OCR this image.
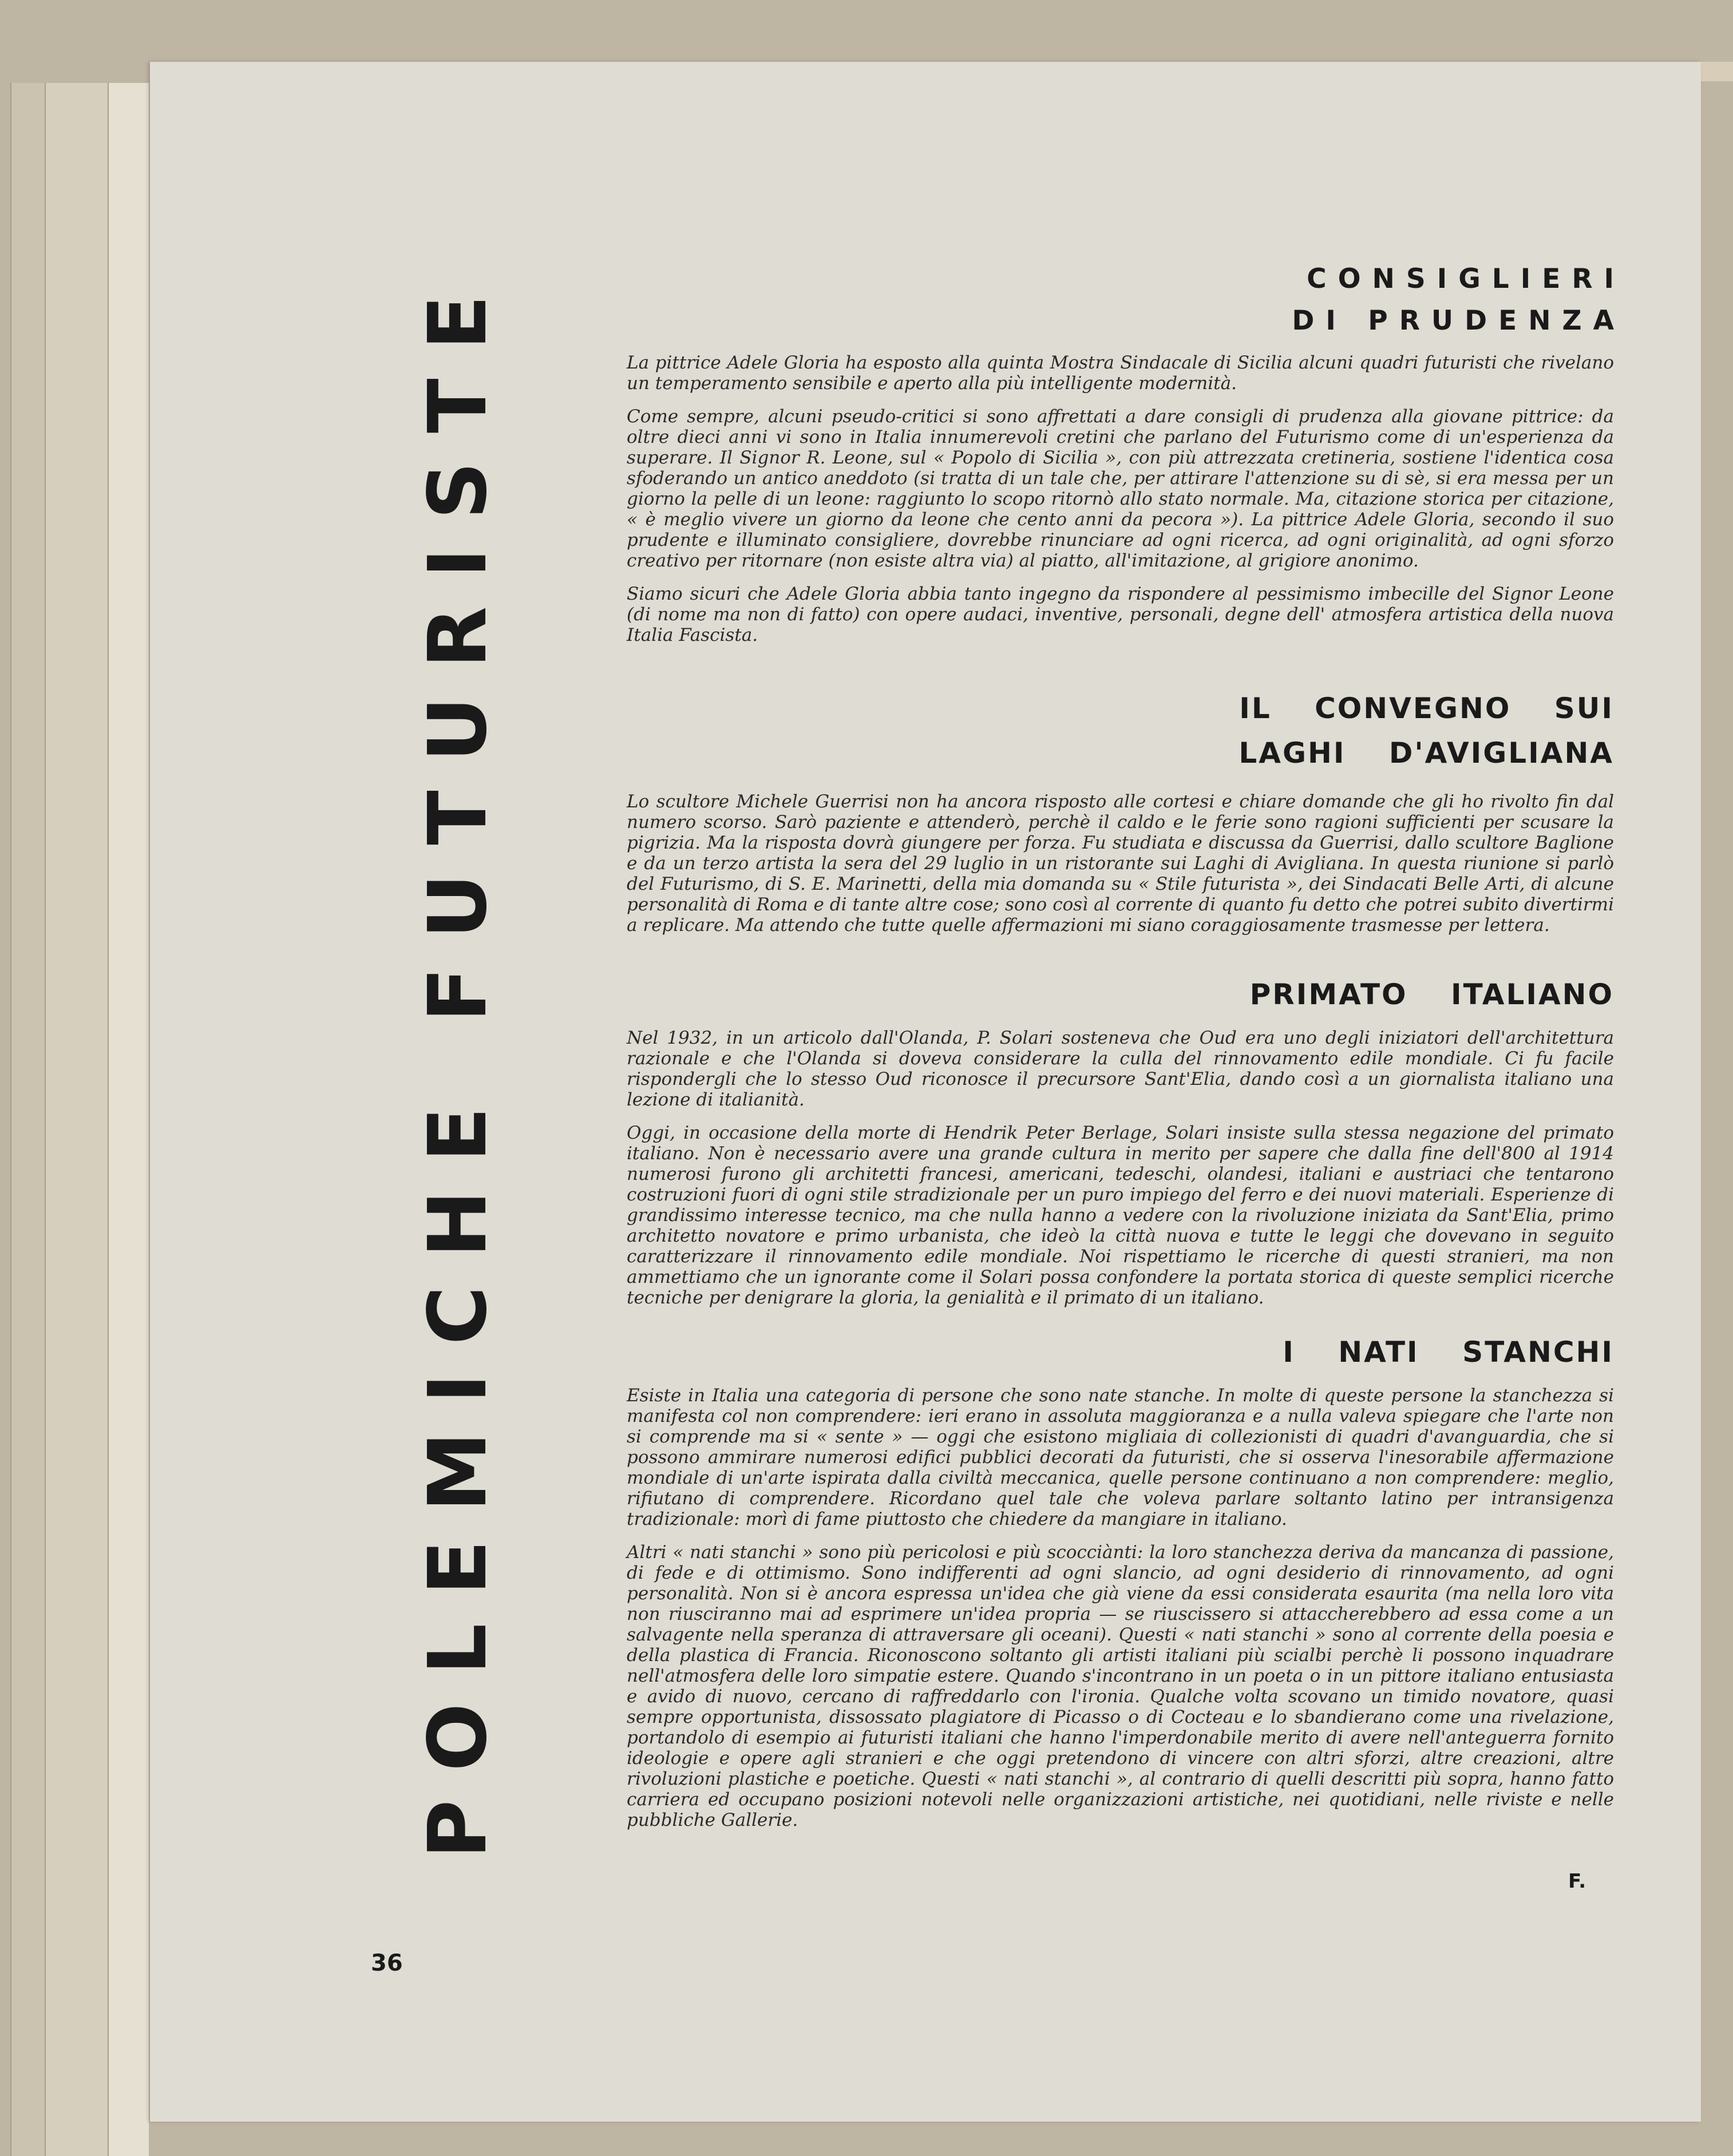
POLEMICHE FUTURISTE
36
CONSIGLIERI
DI PRUDENZA

La pittrice Adele Gloria ha esposto alla quinta Mostra Sindacale di Sicilia alcuni quadri futuristi che rivelano un temperamento sensibile e aperto alla più intelligente modernità.

Come sempre, alcuni pseudo-critici si sono affrettati a dare consigli di prudenza alla giovane pittrice: da oltre dieci anni vi sono in Italia innumerevoli cretini che parlano del Futurismo come di un'esperienza da superare. Il Signor R. Leone, sul « Popolo di Sicilia », con più attrezzata cretineria, sostiene l'identica cosa sfoderando un antico aneddoto (si tratta di un tale che, per attirare l'attenzione su di sè, si era messa per un giorno la pelle di un leone: raggiunto lo scopo ritornò allo stato normale. Ma, citazione storica per citazione, « è meglio vivere un giorno da leone che cento anni da pecora »). La pittrice Adele Gloria, secondo il suo prudente e illuminato consigliere, dovrebbe rinunciare ad ogni ricerca, ad ogni originalità, ad ogni sforzo creativo per ritornare (non esiste altra via) al piatto, all'imitazione, al grigiore anonimo.

Siamo sicuri che Adele Gloria abbia tanto ingegno da rispondere al pessimismo imbecille del Signor Leone (di nome ma non di fatto) con opere audaci, inventive, personali, degne dell' atmosfera artistica della nuova Italia Fascista.

IL CONVEGNO SUI
LAGHI D'AVIGLIANA

Lo scultore Michele Guerrisi non ha ancora risposto alle cortesi e chiare domande che gli ho rivolto fin dal numero scorso. Sarò paziente e attenderò, perchè il caldo e le ferie sono ragioni sufficienti per scusare la pigrizia. Ma la risposta dovrà giungere per forza. Fu studiata e discussa da Guerrisi, dallo scultore Baglione e da un terzo artista la sera del 29 luglio in un ristorante sui Laghi di Avigliana. In questa riunione si parlò del Futurismo, di S. E. Marinetti, della mia domanda su « Stile futurista », dei Sindacati Belle Arti, di alcune personalità di Roma e di tante altre cose; sono così al corrente di quanto fu detto che potrei subito divertirmi a replicare. Ma attendo che tutte quelle affermazioni mi siano coraggiosamente trasmesse per lettera.

PRIMATO ITALIANO

Nel 1932, in un articolo dall'Olanda, P. Solari sosteneva che Oud era uno degli iniziatori dell'architettura razionale e che l'Olanda si doveva considerare la culla del rinnovamento edile mondiale. Ci fu facile rispondergli che lo stesso Oud riconosce il precursore Sant'Elia, dando così a un giornalista italiano una lezione di italianità.

Oggi, in occasione della morte di Hendrik Peter Berlage, Solari insiste sulla stessa negazione del primato italiano. Non è necessario avere una grande cultura in merito per sapere che dalla fine dell'800 al 1914 numerosi furono gli architetti francesi, americani, tedeschi, olandesi, italiani e austriaci che tentarono costruzioni fuori di ogni stile stradizionale per un puro impiego del ferro e dei nuovi materiali. Esperienze di grandissimo interesse tecnico, ma che nulla hanno a vedere con la rivoluzione iniziata da Sant'Elia, primo architetto novatore e primo urbanista, che ideò la città nuova e tutte le leggi che dovevano in seguito caratterizzare il rinnovamento edile mondiale. Noi rispettiamo le ricerche di questi stranieri, ma non ammettiamo che un ignorante come il Solari possa confondere la portata storica di queste semplici ricerche tecniche per denigrare la gloria, la genialità e il primato di un italiano.

I NATI STANCHI

Esiste in Italia una categoria di persone che sono nate stanche. In molte di queste persone la stanchezza si manifesta col non comprendere: ieri erano in assoluta maggioranza e a nulla valeva spiegare che l'arte non si comprende ma si « sente » — oggi che esistono migliaia di collezionisti di quadri d'avanguardia, che si possono ammirare numerosi edifici pubblici decorati da futuristi, che si osserva l'inesorabile affermazione mondiale di un'arte ispirata dalla civiltà meccanica, quelle persone continuano a non comprendere: meglio, rifiutano di comprendere. Ricordano quel tale che voleva parlare soltanto latino per intransigenza tradizionale: morì di fame piuttosto che chiedere da mangiare in italiano.

Altri « nati stanchi » sono più pericolosi e più scocciànti: la loro stanchezza deriva da mancanza di passione, di fede e di ottimismo. Sono indifferenti ad ogni slancio, ad ogni desiderio di rinnovamento, ad ogni personalità. Non si è ancora espressa un'idea che già viene da essi considerata esaurita (ma nella loro vita non riusciranno mai ad esprimere un'idea propria — se riuscissero si attaccherebbero ad essa come a un salvagente nella speranza di attraversare gli oceani). Questi « nati stanchi » sono al corrente della poesia e della plastica di Francia. Riconoscono soltanto gli artisti italiani più scialbi perchè li possono inquadrare nell'atmosfera delle loro simpatie estere. Quando s'incontrano in un poeta o in un pittore italiano entusiasta e avido di nuovo, cercano di raffreddarlo con l'ironia. Qualche volta scovano un timido novatore, quasi sempre opportunista, dissossato plagiatore di Picasso o di Cocteau e lo sbandierano come una rivelazione, portandolo di esempio ai futuristi italiani che hanno l'imperdonabile merito di avere nell'anteguerra fornito ideologie e opere agli stranieri e che oggi pretendono di vincere con altri sforzi, altre creazioni, altre rivoluzioni plastiche e poetiche. Questi « nati stanchi », al contrario di quelli descritti più sopra, hanno fatto carriera ed occupano posizioni notevoli nelle organizzazioni artistiche, nei quotidiani, nelle riviste e nelle pubbliche Gallerie.

F.
